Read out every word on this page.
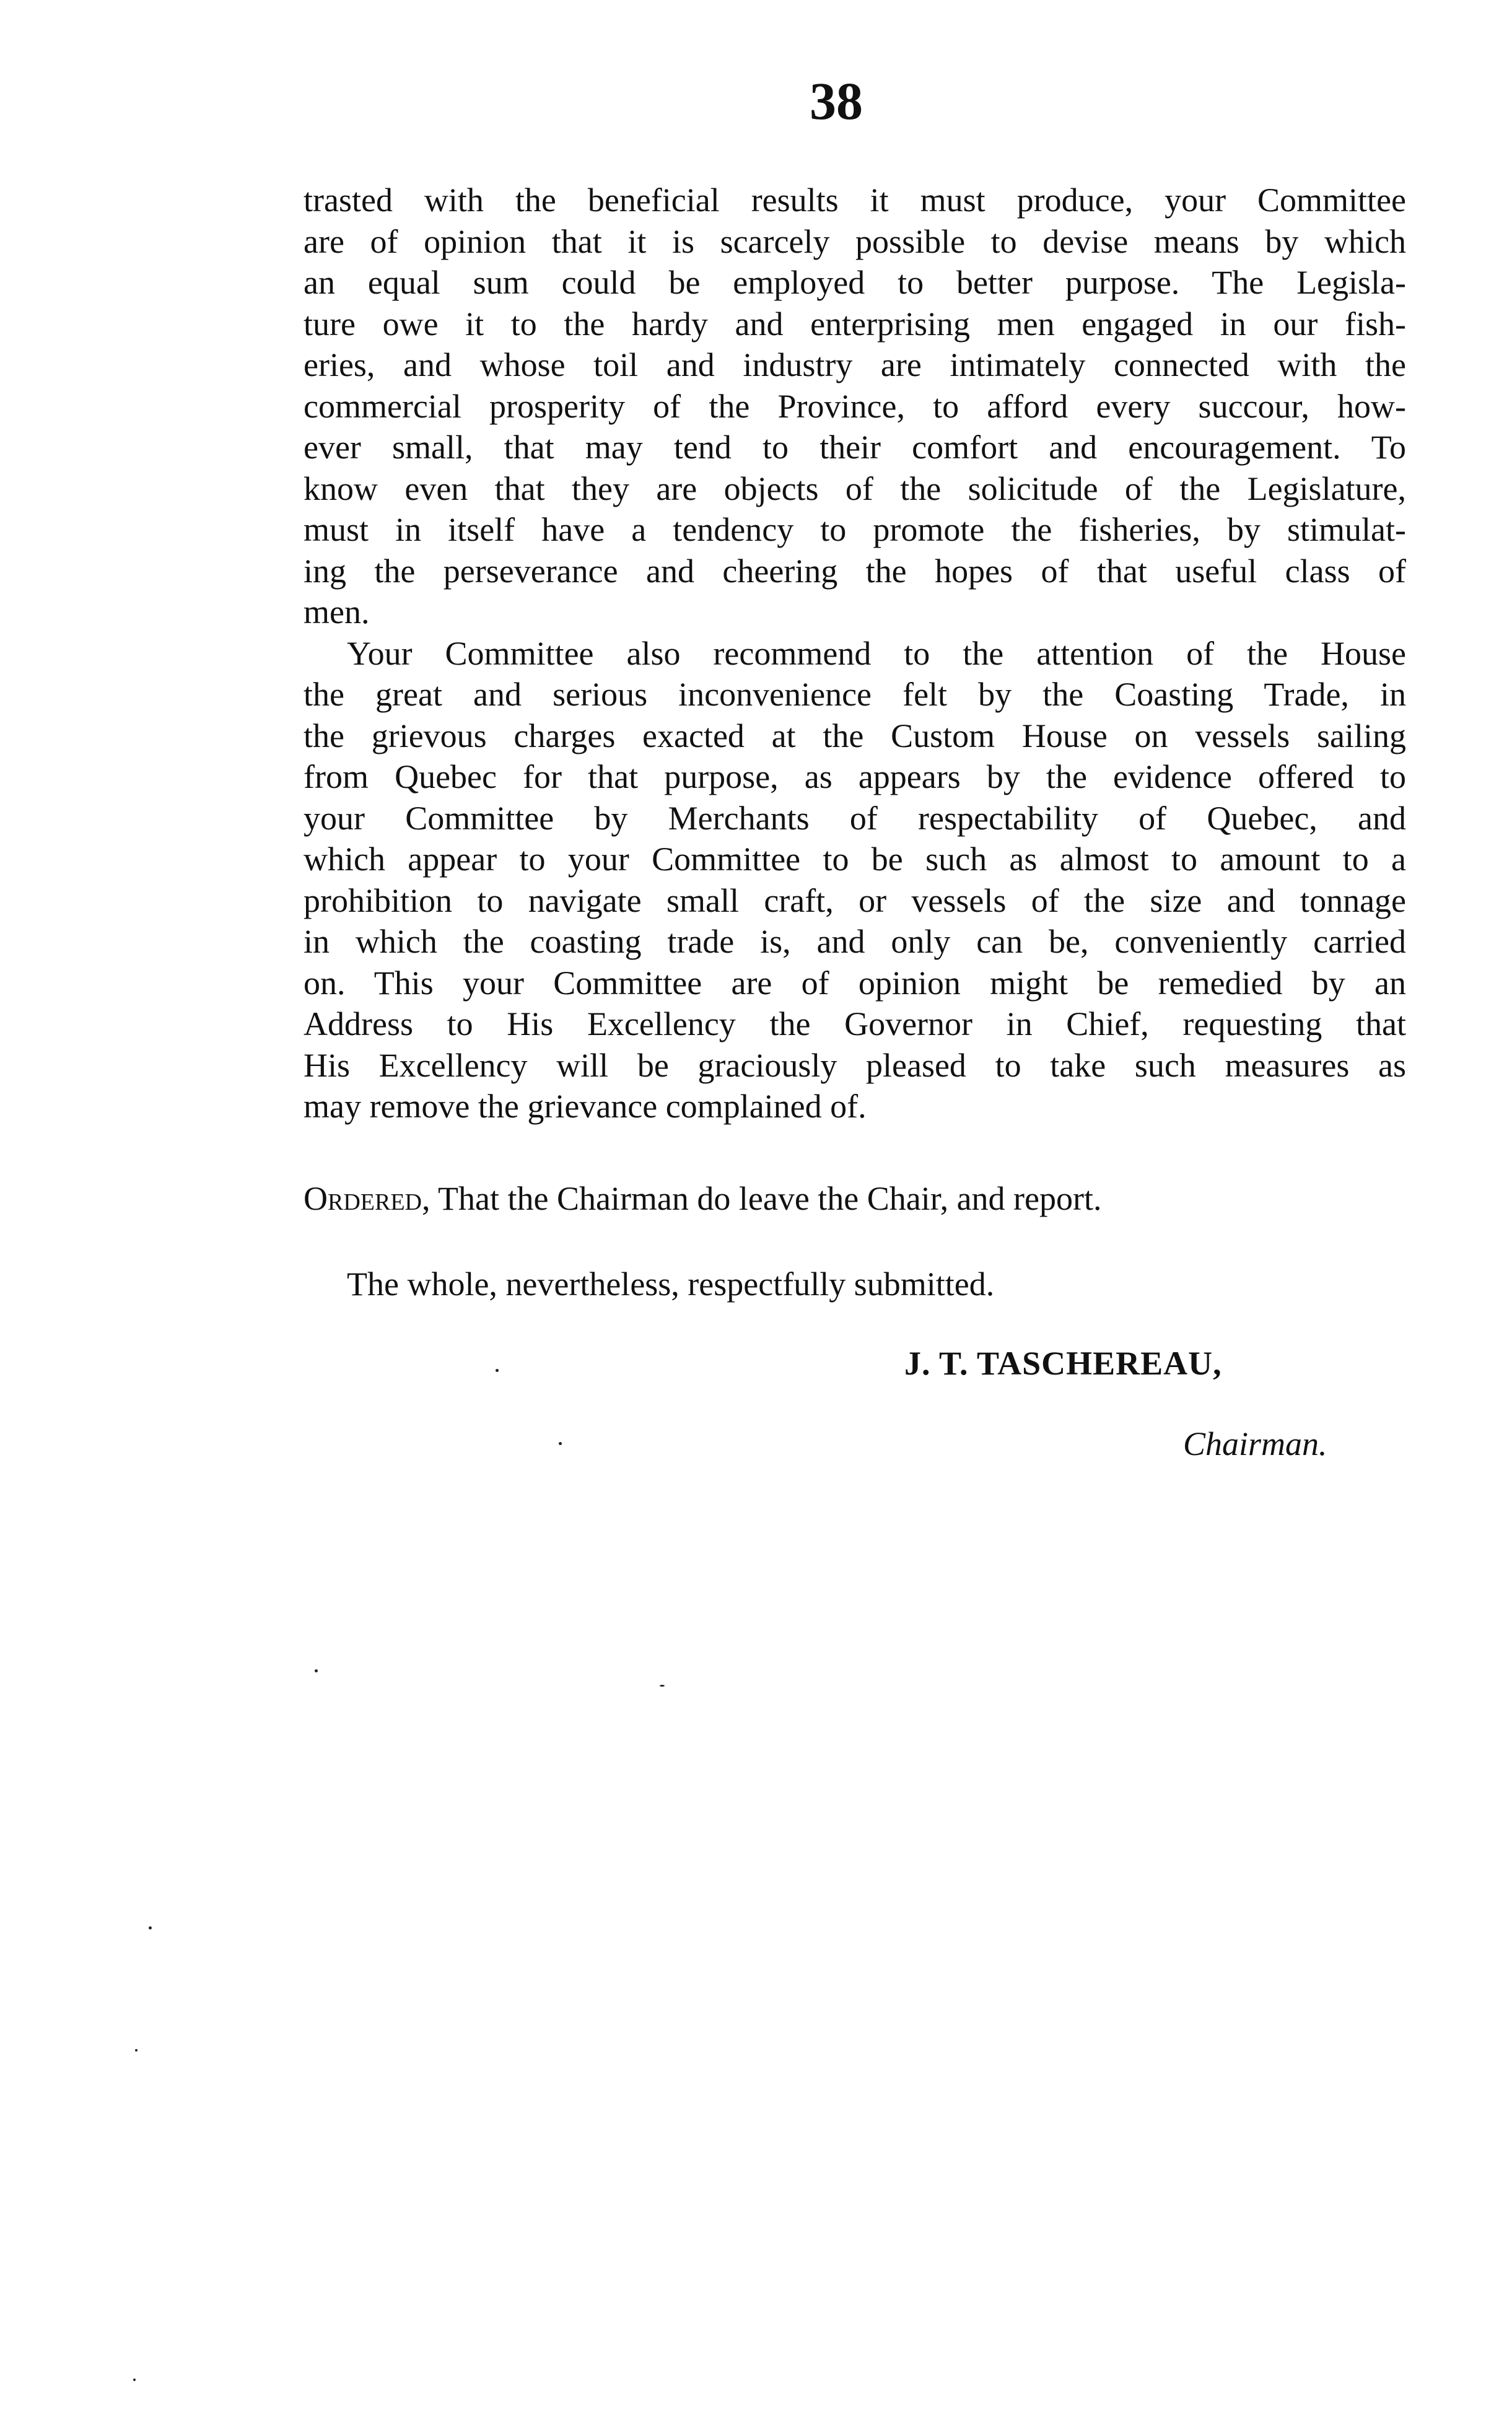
38
trasted with the beneficial results it must produce, your Committee
are of opinion that it is scarcely possible to devise means by which
an equal sum could be employed to better purpose. The Legisla-
ture owe it to the hardy and enterprising men engaged in our fish-
eries, and whose toil and industry are intimately connected with the
commercial prosperity of the Province, to afford every succour, how-
ever small, that may tend to their comfort and encouragement. To
know even that they are objects of the solicitude of the Legislature,
must in itself have a tendency to promote the fisheries, by stimulat-
ing the perseverance and cheering the hopes of that useful class of
men.
Your Committee also recommend to the attention of the House
the great and serious inconvenience felt by the Coasting Trade, in
the grievous charges exacted at the Custom House on vessels sailing
from Quebec for that purpose, as appears by the evidence offered to
your Committee by Merchants of respectability of Quebec, and
which appear to your Committee to be such as almost to amount to a
prohibition to navigate small craft, or vessels of the size and tonnage
in which the coasting trade is, and only can be, conveniently carried
on. This your Committee are of opinion might be remedied by an
Address to His Excellency the Governor in Chief, requesting that
His Excellency will be graciously pleased to take such measures as
may remove the grievance complained of.
Ordered, That the Chairman do leave the Chair, and report.
The whole, nevertheless, respectfully submitted.
J. T. TASCHEREAU,
Chairman.
